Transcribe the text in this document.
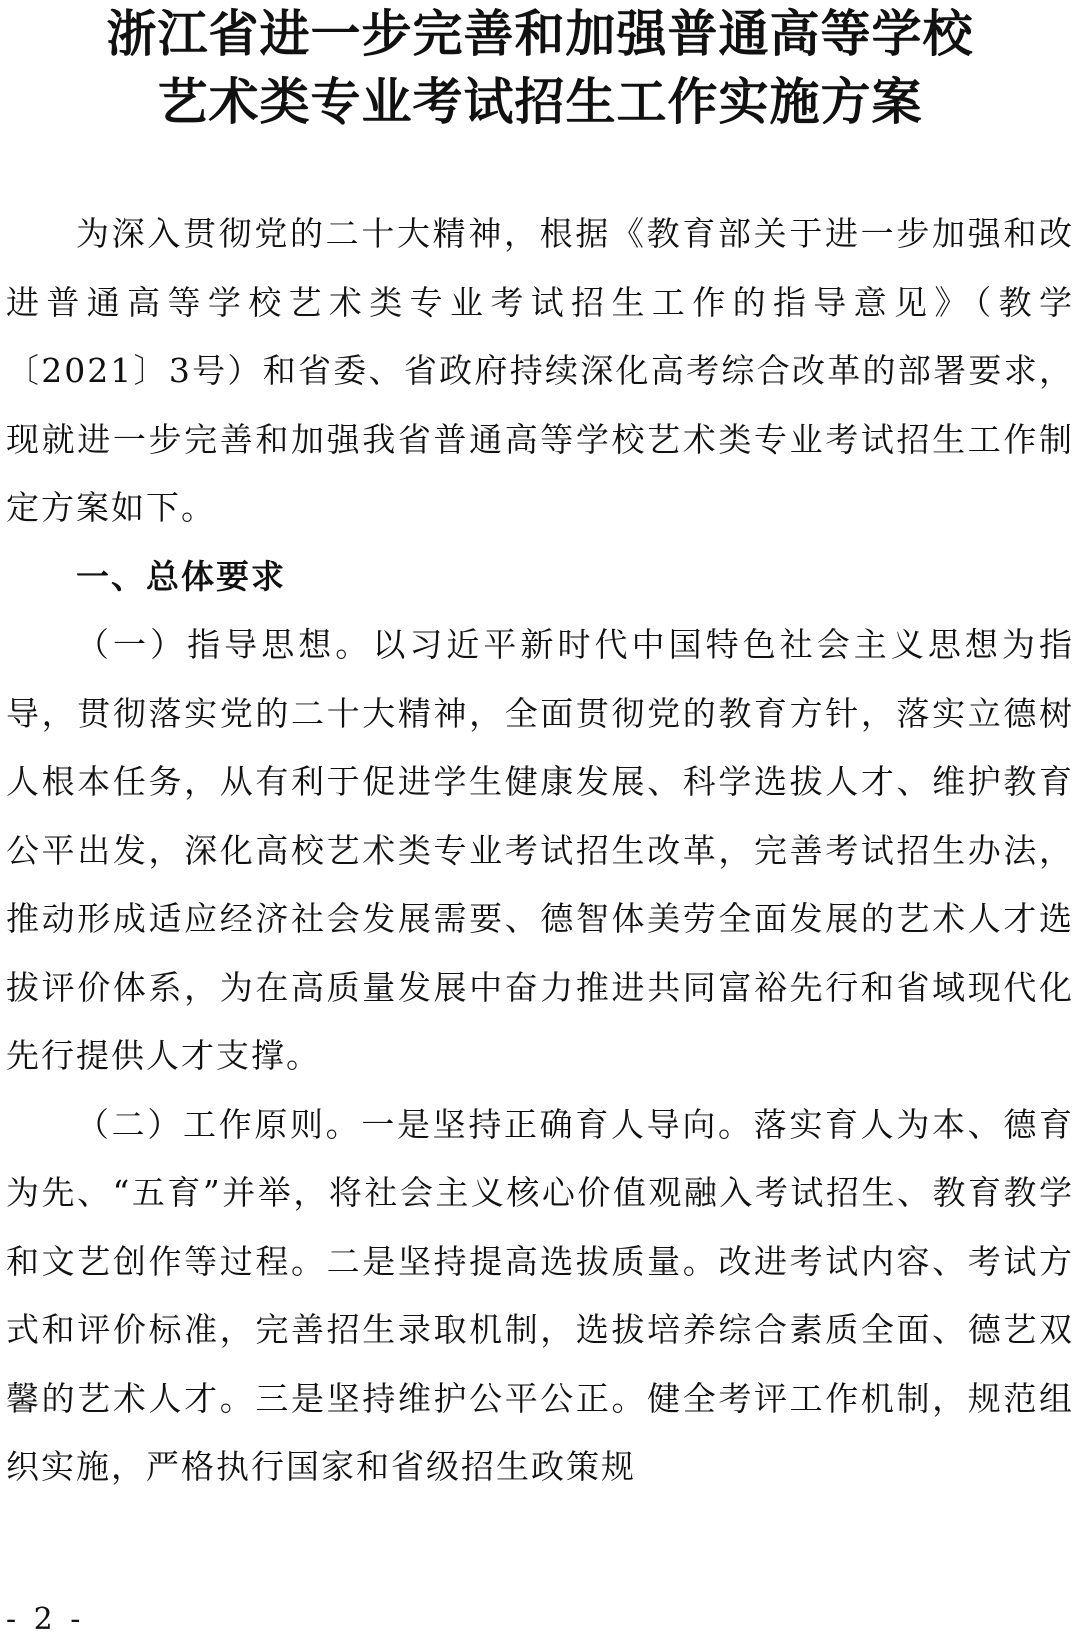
浙江省进一步完善和加强普通高等学校
艺术类专业考试招生工作实施方案

为深入贯彻党的二十大精神，根据《教育部关于进一步加强和改进普通高等学校艺术类专业考试招生工作的指导意见》（教学〔2021〕3号）和省委、省政府持续深化高考综合改革的部署要求，现就进一步完善和加强我省普通高等学校艺术类专业考试招生工作制定方案如下。

一、总体要求

（一）指导思想。以习近平新时代中国特色社会主义思想为指导，贯彻落实党的二十大精神，全面贯彻党的教育方针，落实立德树人根本任务，从有利于促进学生健康发展、科学选拔人才、维护教育公平出发，深化高校艺术类专业考试招生改革，完善考试招生办法，推动形成适应经济社会发展需要、德智体美劳全面发展的艺术人才选拔评价体系，为在高质量发展中奋力推进共同富裕先行和省域现代化先行提供人才支撑。

（二）工作原则。一是坚持正确育人导向。落实育人为本、德育为先、“五育”并举，将社会主义核心价值观融入考试招生、教育教学和文艺创作等过程。二是坚持提高选拔质量。改进考试内容、考试方式和评价标准，完善招生录取机制，选拔培养综合素质全面、德艺双馨的艺术人才。三是坚持维护公平公正。健全考评工作机制，规范组织实施，严格执行国家和省级招生政策规

- 2 -
